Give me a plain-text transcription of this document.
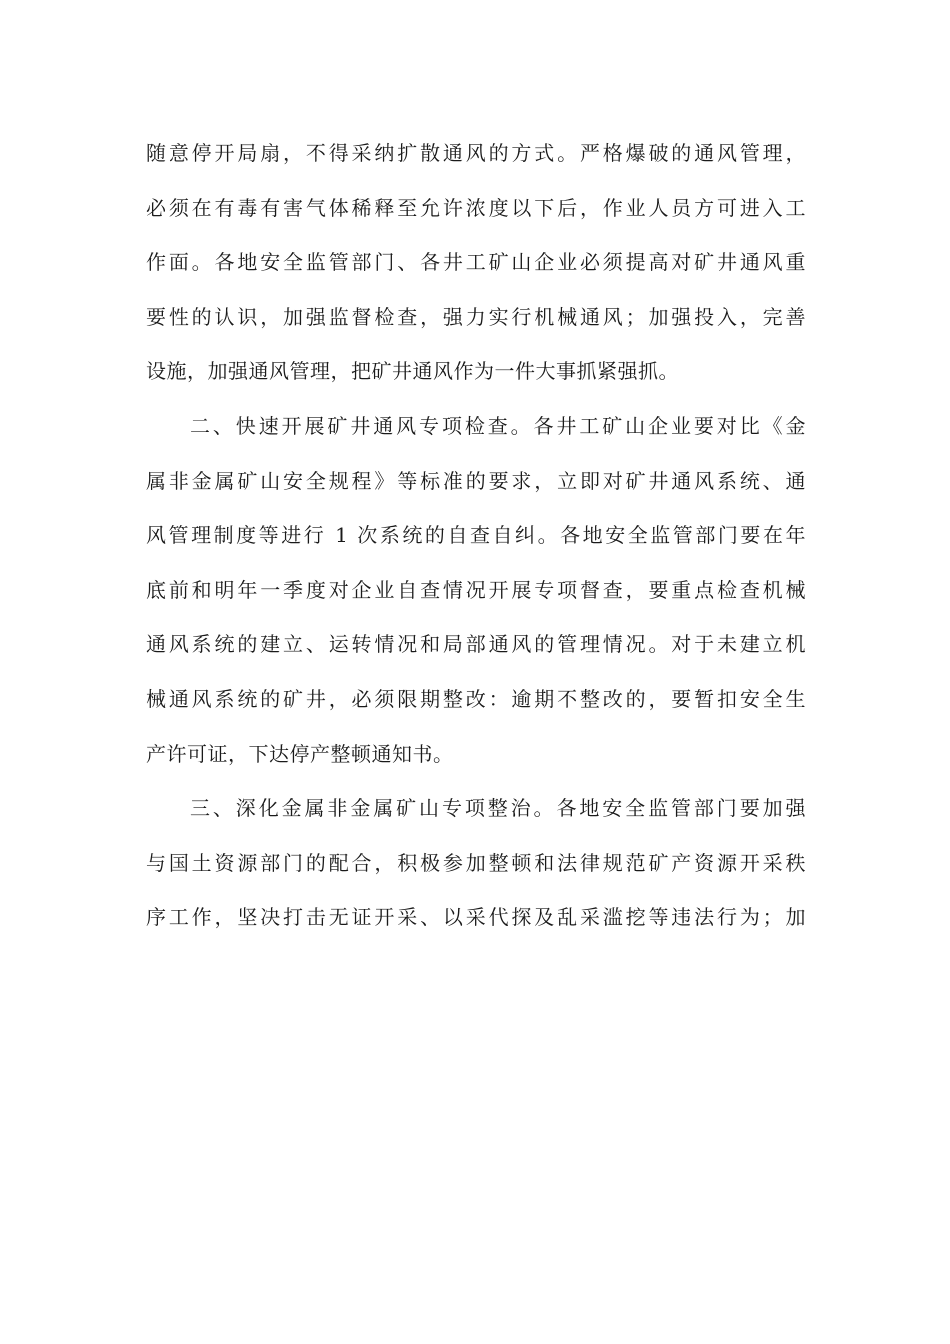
随意停开局扇，不得采纳扩散通风的方式。严格爆破的通风管理，
必须在有毒有害气体稀释至允许浓度以下后，作业人员方可进入工
作面。各地安全监管部门、各井工矿山企业必须提高对矿井通风重
要性的认识，加强监督检查，强力实行机械通风；加强投入，完善
设施，加强通风管理，把矿井通风作为一件大事抓紧强抓。
二、快速开展矿井通风专项检查。各井工矿山企业要对比《金
属非金属矿山安全规程》等标准的要求，立即对矿井通风系统、通
风管理制度等进行 1 次系统的自查自纠。各地安全监管部门要在年
底前和明年一季度对企业自查情况开展专项督查，要重点检查机械
通风系统的建立、运转情况和局部通风的管理情况。对于未建立机
械通风系统的矿井，必须限期整改：逾期不整改的，要暂扣安全生
产许可证，下达停产整顿通知书。
三、深化金属非金属矿山专项整治。各地安全监管部门要加强
与国土资源部门的配合，积极参加整顿和法律规范矿产资源开采秩
序工作，坚决打击无证开采、以采代探及乱采滥挖等违法行为；加
